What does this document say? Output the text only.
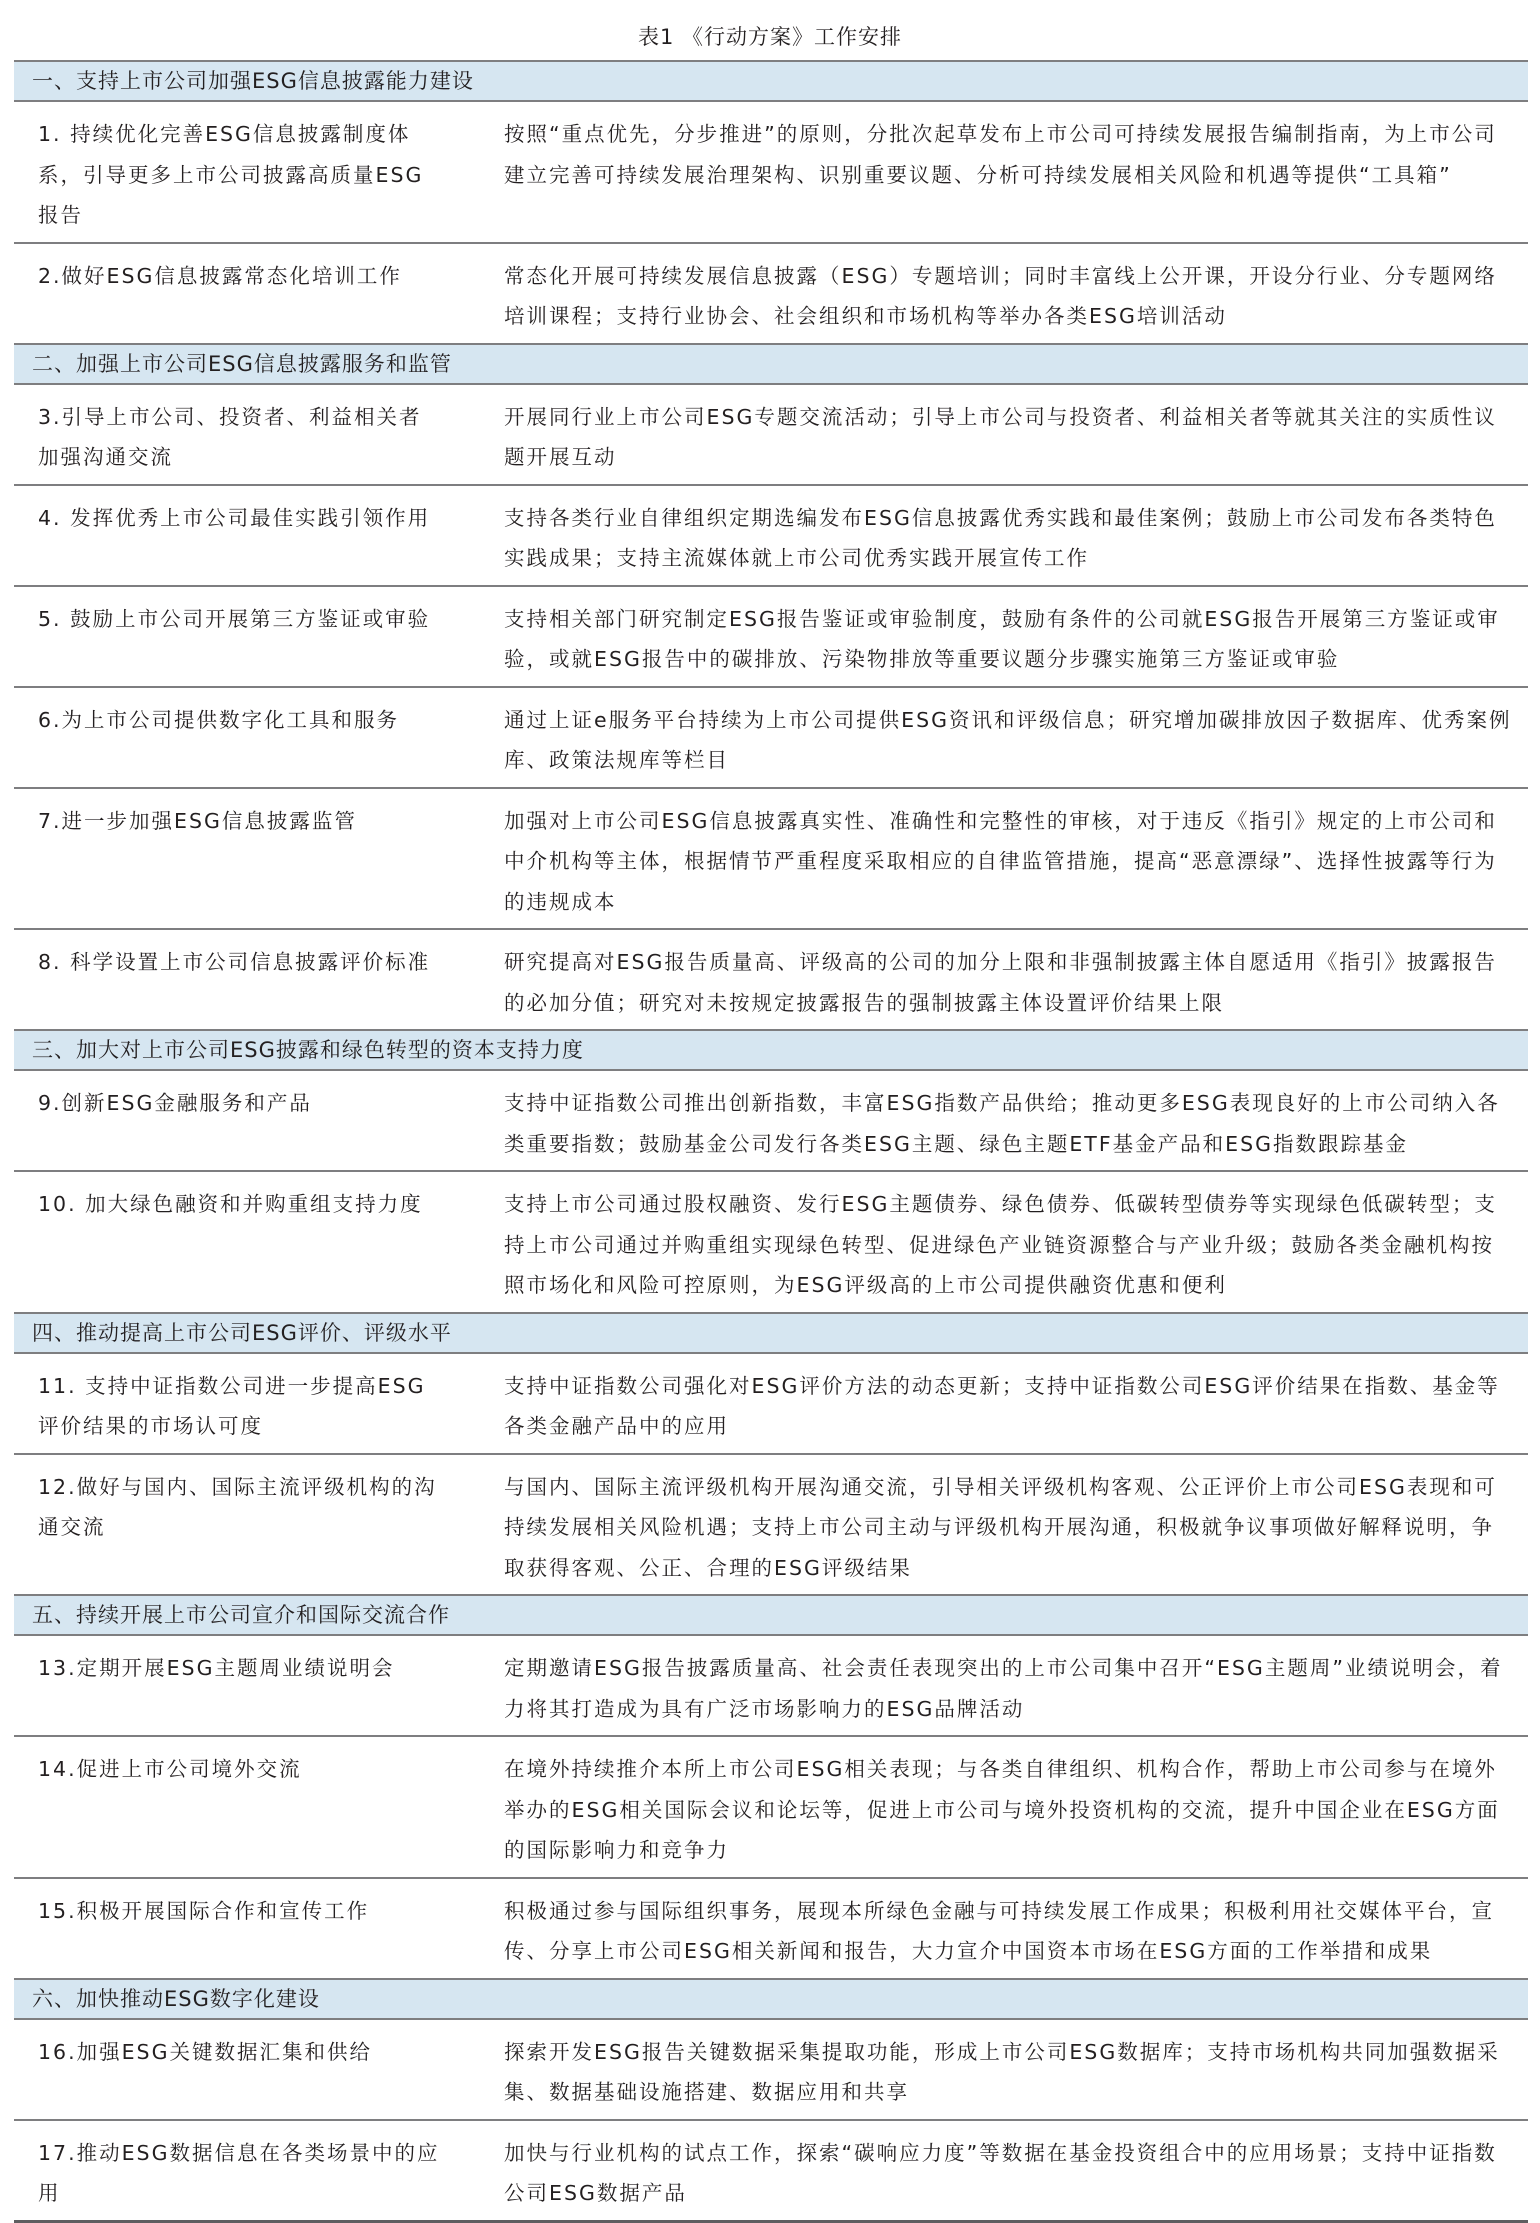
表1 《行动方案》工作安排
一、支持上市公司加强ESG信息披露能力建设	
1. 持续优化完善ESG信息披露制度体系，引导更多上市公司披露高质量ESG报告	按照“重点优先，分步推进”的原则，分批次起草发布上市公司可持续发展报告编制指南，为上市公司建立完善可持续发展治理架构、识别重要议题、分析可持续发展相关风险和机遇等提供“工具箱”
2.做好ESG信息披露常态化培训工作	常态化开展可持续发展信息披露（ESG）专题培训；同时丰富线上公开课，开设分行业、分专题网络培训课程；支持行业协会、社会组织和市场机构等举办各类ESG培训活动
二、加强上市公司ESG信息披露服务和监管	
3.引导上市公司、投资者、利益相关者加强沟通交流	开展同行业上市公司ESG专题交流活动；引导上市公司与投资者、利益相关者等就其关注的实质性议题开展互动
4. 发挥优秀上市公司最佳实践引领作用	支持各类行业自律组织定期选编发布ESG信息披露优秀实践和最佳案例；鼓励上市公司发布各类特色实践成果；支持主流媒体就上市公司优秀实践开展宣传工作
5. 鼓励上市公司开展第三方鉴证或审验	支持相关部门研究制定ESG报告鉴证或审验制度，鼓励有条件的公司就ESG报告开展第三方鉴证或审验，或就ESG报告中的碳排放、污染物排放等重要议题分步骤实施第三方鉴证或审验
6.为上市公司提供数字化工具和服务	通过上证e服务平台持续为上市公司提供ESG资讯和评级信息；研究增加碳排放因子数据库、优秀案例库、政策法规库等栏目
7.进一步加强ESG信息披露监管	加强对上市公司ESG信息披露真实性、准确性和完整性的审核，对于违反《指引》规定的上市公司和中介机构等主体，根据情节严重程度采取相应的自律监管措施，提高“恶意漂绿”、选择性披露等行为的违规成本
8. 科学设置上市公司信息披露评价标准	研究提高对ESG报告质量高、评级高的公司的加分上限和非强制披露主体自愿适用《指引》披露报告的必加分值；研究对未按规定披露报告的强制披露主体设置评价结果上限
三、加大对上市公司ESG披露和绿色转型的资本支持力度	
9.创新ESG金融服务和产品	支持中证指数公司推出创新指数，丰富ESG指数产品供给；推动更多ESG表现良好的上市公司纳入各类重要指数；鼓励基金公司发行各类ESG主题、绿色主题ETF基金产品和ESG指数跟踪基金
10. 加大绿色融资和并购重组支持力度	支持上市公司通过股权融资、发行ESG主题债券、绿色债券、低碳转型债券等实现绿色低碳转型；支持上市公司通过并购重组实现绿色转型、促进绿色产业链资源整合与产业升级；鼓励各类金融机构按照市场化和风险可控原则，为ESG评级高的上市公司提供融资优惠和便利
四、推动提高上市公司ESG评价、评级水平	
11. 支持中证指数公司进一步提高ESG评价结果的市场认可度	支持中证指数公司强化对ESG评价方法的动态更新；支持中证指数公司ESG评价结果在指数、基金等各类金融产品中的应用
12.做好与国内、国际主流评级机构的沟通交流	与国内、国际主流评级机构开展沟通交流，引导相关评级机构客观、公正评价上市公司ESG表现和可持续发展相关风险机遇；支持上市公司主动与评级机构开展沟通，积极就争议事项做好解释说明，争取获得客观、公正、合理的ESG评级结果
五、持续开展上市公司宣介和国际交流合作	
13.定期开展ESG主题周业绩说明会	定期邀请ESG报告披露质量高、社会责任表现突出的上市公司集中召开“ESG主题周”业绩说明会，着力将其打造成为具有广泛市场影响力的ESG品牌活动
14.促进上市公司境外交流	在境外持续推介本所上市公司ESG相关表现；与各类自律组织、机构合作，帮助上市公司参与在境外举办的ESG相关国际会议和论坛等，促进上市公司与境外投资机构的交流，提升中国企业在ESG方面的国际影响力和竞争力
15.积极开展国际合作和宣传工作	积极通过参与国际组织事务，展现本所绿色金融与可持续发展工作成果；积极利用社交媒体平台，宣传、分享上市公司ESG相关新闻和报告，大力宣介中国资本市场在ESG方面的工作举措和成果
六、加快推动ESG数字化建设	
16.加强ESG关键数据汇集和供给	探索开发ESG报告关键数据采集提取功能，形成上市公司ESG数据库；支持市场机构共同加强数据采集、数据基础设施搭建、数据应用和共享
17.推动ESG数据信息在各类场景中的应用	加快与行业机构的试点工作，探索“碳响应力度”等数据在基金投资组合中的应用场景；支持中证指数公司ESG数据产品
